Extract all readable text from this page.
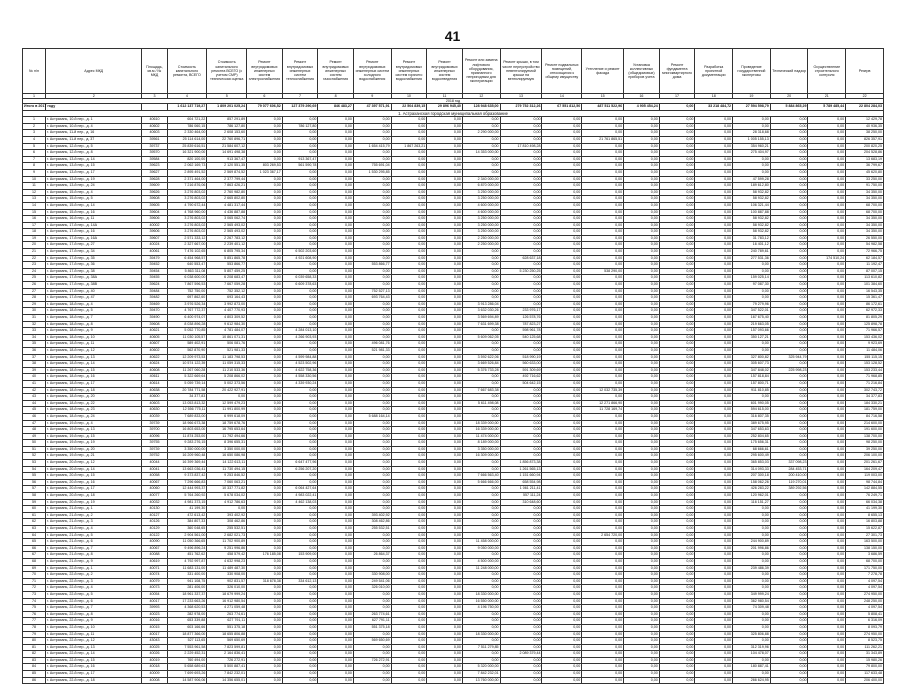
41
№ п/п	Адрес МКД	Площадь, кв.м / № МКД	Стоимость капитального ремонта, ВСЕГО	Стоимость капитального ремонта ВСЕГО (с учетом СМР) техническая оценка	Ремонт внутридомовых инженерных систем электроснабжения	Ремонт внутридомовых инженерных систем теплоснабжения	Ремонт внутридомовых инженерных систем газоснабжения	Ремонт внутридомовых инженерных систем холодного водоснабжения	Ремонт внутридомовых инженерных систем горячего водоснабжения	Ремонт внутридомовых инженерных систем водоотведения	Ремонт или замена лифтового оборудования, признанного непригодным для эксплуатации	Ремонт крыши, в том числе переустройство невентилируемой крыши на вентилируемую	Ремонт подвальных помещений, относящихся к общему имуществу	Утепление и ремонт фасада	Установка коллективных (общедомовых) приборов учета	Ремонт фундамента многоквартирного дома	Разработка проектной документации	Проведение государственной экспертизы	Технический надзор	Осуществление строительного контроля	Резерв
1	2	3	4	5	6	7	8	9	10	11	12	13	14	15	16	17	18	19	20	21	22
2018 год																					
Итого в 2017 году			1 612 137 719,27	1 809 201 025,24	79 077 606,52	127 379 290,69	846 483,27	47 397 571,91	22 504 839,15	29 896 945,40	128 948 635,00	279 752 312,26	67 551 812,50	487 511 522,96	4 905 454,24	0,00	33 218 484,72	27 594 598,79	5 884 865,29	5 789 485,44	22 804 284,03
1. Астраханская городская муниципальная образование																					
1	г. Астрахань, 10-й пер., д. 1	40610	604 721,22	857 291,89	0,00	0,00	0,00	0,00	0,00	0,00	0,00	0,00	0,00	0,00	0,00	0,00	0,00	0,00	0,00	0,00	12 429,78
2	г. Астрахань, 10-й пер., д. 4	40602	786 060,15	786 127,80	0,00	786 127,80	0,00	0,00	0,00	0,00	0,00	0,00	0,00	0,00	0,00	0,00	0,00	0,00	0,00	0,00	40 936,35
3	г. Астрахань, 11-й пер., д. 16	40603	2 330 464,00	2 608 153,60	0,00	0,00	0,00	0,00	0,00	0,00	2 290 000,00	0,00	0,00	0,00	0,00	0,00	0,00	28 318,68	0,00	0,00	38 250,00
4	г. Астрахань, 11-й пер., д. 37	39561	25 114 614,00	22 760 896,71	0,00	0,00	0,00	0,00	0,00	0,00	0,00	0,00	0,00	21 761 865,51	0,00	0,00	0,00	1 005 155,13	0,00	0,00	826 357,91
5	г. Астрахань, 12-й пер., д. 5	39737	25 839 616,51	21 584 607,12	0,00	0,00	0,00	1 654 415,79	1 867 263,21	0,00	0,00	17 810 498,28	0,00	0,00	0,00	0,00	0,00	354 960,21	0,00	0,00	200 820,25
6	г. Астрахань, 12-й пер., д. 8	39570	16 321 900,00	14 691 498,38	0,00	0,00	0,00	0,00	0,00	0,00	14 353 000,00	0,00	0,00	0,00	0,00	0,00	0,00	275 404,97	0,00	0,00	204 528,86
7	г. Астрахань, 13-й пер., д. 14	39584	820 100,00	913 367,47	0,00	913 367,47	0,00	0,00	0,00	0,00	0,00	0,00	0,00	0,00	0,00	0,00	0,00	0,00	0,00	0,00	13 683,19
8	г. Астрахань, 13-й пер., д. 15	39623	2 062 169,73	2 120 551,35	803 269,53	561 590,78	0,00	755 691,04	0,00	0,00	0,00	0,00	0,00	0,00	0,00	0,00	0,00	0,00	0,00	0,00	36 799,67
9	г. Астрахань, 13-й пер., д. 17	39627	2 895 491,52	2 569 874,52	1 023 367,17	0,00	0,00	1 530 295,85	0,00	0,00	0,00	0,00	0,00	0,00	0,00	0,00	0,00	0,00	0,00	0,00	45 620,80
10	г. Астрахань, 13-й пер., д. 19	39628	2 371 464,00	2 377 799,44	0,00	0,00	0,00	0,00	0,00	0,00	2 340 000,00	0,00	0,00	0,00	0,00	0,00	0,00	47 599,28	0,00	0,00	33 250,00
11	г. Астрахань, 13-й пер., д. 24	39609	7 216 876,06	7 863 426,21	0,00	0,00	0,00	0,00	0,00	0,00	6 870 000,00	0,00	0,00	0,00	0,00	0,00	0,00	189 612,80	0,00	0,00	91 750,00
12	г. Астрахань, 15-й пер., д. 4	39626	3 276 803,02	2 760 982,80	0,00	0,00	0,00	0,00	0,00	0,00	3 250 000,00	0,00	0,00	0,00	0,00	0,00	0,00	58 932,82	0,00	0,00	34 350,00
13	г. Астрахань, 15-й пер., д. 5	39608	3 276 803,02	2 665 802,80	0,00	0,00	0,00	0,00	0,00	0,00	3 250 000,00	0,00	0,00	0,00	0,00	0,00	0,00	58 932,82	0,00	0,00	34 350,00
14	г. Астрахань, 15-й пер., д. 14	39605	4 790 672,44	4 481 317,44	0,00	0,00	0,00	0,00	0,00	0,00	4 600 000,00	0,00	0,00	0,00	0,00	0,00	0,00	106 321,44	0,00	0,00	68 700,00
15	г. Астрахань, 15-й пер., д. 16	39604	4 768 960,00	4 436 887,88	0,00	0,00	0,00	0,00	0,00	0,00	4 600 000,00	0,00	0,00	0,00	0,00	0,00	0,00	100 887,88	0,00	0,00	68 700,00
16	г. Астрахань, 16-й пер., д. 11	39606	3 276 803,02	3 065 062,74	0,00	0,00	0,00	0,00	0,00	0,00	3 250 000,00	0,00	0,00	0,00	0,00	0,00	0,00	58 932,82	0,00	0,00	34 350,00
17	г. Астрахань, 17-й пер., д. 14А	40002	3 276 803,02	2 565 493,02	0,00	0,00	0,00	0,00	0,00	0,00	3 250 000,00	0,00	0,00	0,00	0,00	0,00	0,00	58 932,82	0,00	0,00	34 350,00
18	г. Астрахань, 17-й пер., д. 16	39606	3 276 803,02	2 565 493,02	0,00	0,00	0,00	0,00	0,00	0,00	3 250 000,00	0,00	0,00	0,00	0,00	0,00	0,00	58 932,82	0,00	0,00	34 350,00
19	г. Астрахань, 17-й пер., д. 16А	39607	2 571 333,12	2 267 783,12	0,00	0,00	0,00	0,00	0,00	0,00	2 250 000,00	0,00	0,00	0,00	0,00	0,00	0,00	31 783,12	0,00	0,00	26 550,00
20	г. Астрахань, 17-й пер., д. 27	40024	2 327 667,00	2 239 401,12	0,00	0,00	0,00	0,00	0,00	0,00	2 250 000,00	0,00	0,00	0,00	0,00	0,00	0,00	16 401,12	0,00	0,00	54 982,58
21	г. Астрахань, 17-й пер., д. 34	40061	7 476 102,65	6 805 795,34	0,00	6 502 203,60	0,00	0,00	0,00	0,00	0,00	0,00	0,00	0,00	0,00	0,00	0,00	240 789,61	0,00	0,00	72 966,75
22	г. Астрахань, 17-й пер., д. 35	39479	6 454 968,57	5 851 865,78	0,00	4 921 608,90	0,00	0,00	0,00	0,00	0,00	628 637,18	0,00	0,00	0,00	0,00	0,00	277 531,36	0,00	174 510,24	62 184,57
23	г. Астрахань, 17-й пер., д. 36	39452	640 553,47	553 866,77	0,00	0,00	0,00	553 866,77	0,00	0,00	0,00	0,00	0,00	0,00	0,00	0,00	0,00	0,00	0,00	0,00	11 192,47
24	г. Астрахань, 17-й пер., д. 38	39454	5 863 311,08	5 807 459,25	0,00	0,00	0,00	0,00	0,00	0,00	0,00	5 230 250,25	0,00	538 290,00	0,00	0,00	0,00	0,00	0,00	0,00	87 007,15
25	г. Астрахань, 17-й пер., д. 38А	39455	6 038 600,00	6 208 683,47	0,00	6 039 658,33	0,00	0,00	0,00	0,00	0,00	0,00	0,00	0,00	0,00	0,00	0,00	159 025,14	0,00	0,00	113 610,82
26	г. Астрахань, 17-й пер., д. 38В	39624	7 867 596,53	7 667 059,28	0,00	6 609 378,63	0,00	0,00	0,00	0,00	0,00	0,00	0,00	0,00	0,00	0,00	0,00	97 087,30	0,00	0,00	101 384,60
27	г. Астрахань, 17-й пер., д. 40	39484	752 750,00	752 352,12	0,00	0,00	0,00	752 527,13	0,00	0,00	0,00	0,00	0,00	0,00	0,00	0,00	0,00	0,00	0,00	0,00	16 543,35
28	г. Астрахань, 17-й пер., д. 47	39482	697 862,60	693 164,43	0,00	0,00	0,00	693 764,43	0,00	0,00	0,00	0,00	0,00	0,00	0,00	0,00	0,00	0,00	0,00	0,00	15 361,47
29	г. Астрахань, 18-й пер., д. 4	39469	3 976 526,34	3 992 873,00	0,00	0,00	0,00	0,00	0,00	0,00	3 913 286,04	0,00	0,00	0,00	0,00	0,00	0,00	79 279,96	0,00	0,00	86 172,61
30	г. Астрахань, 18-й пер., д. 5	39470	4 767 772,37	4 407 770,93	0,00	0,00	0,00	0,00	0,00	0,00	3 632 030,26	233 976,17	0,00	0,00	0,00	0,00	0,00	347 522,01	0,00	0,00	62 972,33
31	г. Астрахань, 18-й пер., д. 7	39490	6 400 974,07	4 803 309,52	0,00	0,00	0,00	0,00	0,00	0,00	3 569 694,89	126 578,76	0,00	0,00	0,00	0,00	0,00	167 675,40	0,00	0,00	81 805,29
32	г. Астрахань, 18-й пер., д. 8	39608	8 038 896,28	9 612 984,30	0,00	0,00	0,00	0,00	0,00	0,00	7 631 699,38	787 823,27	0,00	0,00	0,00	0,00	0,00	219 663,05	0,00	0,00	125 898,78
33	г. Астрахань, 18-й пер., д. 9	40621	5 052 770,85	4 781 484,07	0,00	4 284 013,10	0,00	0,00	0,00	0,00	0,00	598 961,78	0,00	0,00	0,00	0,00	0,00	157 093,66	0,00	0,00	71 966,57
34	г. Астрахань, 18-й пер., д. 10	40605	11 030 105,57	10 861 071,31	0,00	4 266 903,93	0,00	0,00	0,00	0,00	5 609 062,05	540 125,68	0,00	0,00	0,00	0,00	0,00	350 127,21	0,00	0,00	153 436,02
35	г. Астрахань, 18-й пер., д. 11	40607	589 402,91	506 081,76	0,00	0,00	0,00	496 081,76	0,00	0,00	0,00	0,00	0,00	0,00	0,00	0,00	0,00	0,00	0,00	0,00	9 923,69
36	г. Астрахань, 18-й пер., д. 12	40602	562 870,90	521 981,33	0,00	0,00	0,00	521 981,33	0,00	0,00	0,00	0,00	0,00	0,00	0,00	0,00	0,00	0,00	0,00	0,00	11 484,06
37	г. Астрахань, 18-й пер., д. 13	40622	12 209 973,53	11 183 798,53	0,00	4 599 984,88	0,00	0,00	0,00	0,00	3 592 622,06	518 990,19	0,00	0,00	0,00	0,00	0,00	327 800,82	325 944,79	0,00	155 115,15
38	г. Астрахань, 18-й пер., д. 14	40624	10 574 122,39	11 059 315,33	0,00	4 523 502,96	0,00	0,00	0,00	0,00	3 669 526,84	560 633,00	0,00	0,00	0,00	0,00	0,00	305 607,73	0,00	0,00	153 128,52
39	г. Астрахань, 18-й пер., д. 15	40608	11 267 060,28	11 210 533,36	0,00	4 622 758,36	0,00	0,00	0,00	0,00	5 376 733,28	591 309,69	0,00	0,00	0,00	0,00	0,00	347 848,02	225 998,23	0,00	153 233,44
40	г. Астрахань, 18-й пер., д. 16	40611	5 322 669,64	5 208 866,02	0,00	4 558 330,56	0,00	0,00	0,00	0,00	0,00	492 716,62	0,00	0,00	0,00	0,00	0,00	157 818,84	0,00	0,00	71 968,85
41	г. Астрахань, 18-й пер., д. 17	40614	5 059 739,14	5 002 373,56	0,00	4 339 930,24	0,00	0,00	0,00	0,00	0,00	504 642,15	0,00	0,00	0,00	0,00	0,00	157 800,71	0,00	0,00	71 216,84
42	г. Астрахань, 18-й пер., д. 18	40638	20 784 771,58	20 422 927,91	0,00	0,00	0,00	0,00	0,00	0,00	7 667 683,38	0,00	0,00	12 032 735,39	0,00	0,00	0,00	911 810,85	0,00	0,00	302 743,72
43	г. Астрахань, 18-й пер., д. 20	40600	34 377,83	0,00	0,00	0,00	0,00	0,00	0,00	0,00	0,00	0,00	0,00	0,00	0,00	0,00	0,00	0,00	0,00	0,00	34 377,83
44	г. Астрахань, 18-й пер., д. 22	40603	13 053 813,32	12 599 479,23	0,00	0,00	0,00	0,00	0,00	0,00	5 611 498,08	0,00	0,00	12 271 866,90	0,00	0,00	0,00	601 990,05	0,00	0,00	184 330,21
45	г. Астрахань, 18-й пер., д. 23	40630	12 556 775,11	11 991 800,99	0,00	0,00	0,00	0,00	0,00	0,00	0,00	0,00	0,00	11 728 169,74	0,00	0,00	0,00	594 615,00	0,00	0,00	181 759,00
46	г. Астрахань, 18-й пер., д. 24	40039	7 689 833,00	6 999 618,09	0,00	0,00	0,00	5 688 164,14	0,00	0,00	0,00	0,00	0,00	0,00	0,00	0,00	0,00	316 807,35	0,00	0,00	84 716,58
47	г. Астрахань, 19-й пер., д. 4	39739	18 966 673,38	18 759 678,76	0,00	0,00	0,00	0,00	0,00	0,00	18 339 000,00	0,00	0,00	0,00	0,00	0,00	0,00	389 675,95	0,00	0,00	214 600,00
48	г. Астрахань, 19-й пер., д. 13	39700	16 803 653,00	16 795 653,64	0,00	0,00	0,00	0,00	0,00	0,00	16 339 000,00	0,00	0,00	0,00	0,00	0,00	0,00	347 653,63	0,00	0,00	191 600,00
49	г. Астрахань, 19-й пер., д. 15	40096	11 874 253,00	11 792 494,66	0,00	0,00	0,00	0,00	0,00	0,00	11 474 000,00	0,00	0,00	0,00	0,00	0,00	0,00	252 804,65	0,00	0,00	138 700,00
50	г. Астрахань, 19-й пер., д. 19	39755	9 283 276,15	8 396 655,31	0,00	0,00	0,00	0,00	0,00	0,00	8 189 000,00	0,00	0,00	0,00	0,00	0,00	0,00	175 656,31	0,00	0,00	98 250,00
51	г. Астрахань, 19-й пер., д. 20	39739	3 350 000,00	3 350 000,00	0,00	0,00	0,00	0,00	0,00	0,00	3 350 000,00	0,00	0,00	0,00	0,00	0,00	0,00	68 666,61	0,00	0,00	39 250,00
52	г. Астрахань, 19-й пер., д. 21	39752	16 209 960,48	16 650 086,98	0,00	0,00	0,00	0,00	0,00	0,00	16 309 000,00	0,00	0,00	0,00	0,00	0,00	0,00	295 600,49	0,00	0,00	206 100,00
53	г. Астрахань, 20-й пер., д. 12	40044	16 399 369,44	14 122 613,11	0,00	6 647 477,96	0,00	0,00	0,00	0,00	0,00	1 856 873,38	0,00	0,00	0,00	0,00	0,00	365 853,03	337 098,23	0,00	201 261,67
54	г. Астрахань, 20-й пер., д. 14	40041	13 663 036,41	11 730 494,15	0,00	6 256 207,20	0,00	0,00	0,00	0,00	0,00	1 261 565,13	0,00	0,00	0,00	0,00	0,00	314 093,33	284 453,71	0,00	164 209,47
55	г. Астрахань, 20-й пер., д. 15	40058	9 373 837,42	9 253 846,52	0,00	0,00	0,00	0,00	0,00	0,00	7 666 563,40	1 151 660,94	0,00	0,00	0,00	0,00	0,00	207 300,18	200 410,00	0,00	119 003,00
56	г. Астрахань, 20-й пер., д. 16	40067	7 296 666,83	7 060 063,21	0,00	0,00	0,00	0,00	0,00	0,00	5 666 666,00	658 554,98	0,00	0,00	0,00	0,00	0,00	158 062,26	119 270,01	0,00	98 744,84
57	г. Астрахань, 20-й пер., д. 17	40060	12 444 993,37	10 337 771,82	0,00	6 064 427,64	0,00	0,00	0,00	0,00	0,00	1 061 211,41	0,00	0,00	0,00	0,00	0,00	426 283,22	389 292,56	0,00	142 884,55
58	г. Астрахань, 20-й пер., д. 18	40077	5 764 260,92	5 678 034,02	0,00	4 983 022,41	0,00	0,00	0,00	0,00	0,00	557 111,24	0,00	0,00	0,00	0,00	0,00	120 962,01	0,00	0,00	76 249,71
59	г. Астрахань, 20-й пер., д. 19	40032	4 981 373,15	4 912 786,63	0,00	4 462 138,03	0,00	0,00	0,00	0,00	0,00	310 648,60	0,00	0,00	0,00	0,00	0,00	116 151,27	0,00	0,00	66 034,38
60	г. Астрахань, 21-й пер., д. 1	40130	41 199,30	0,00	0,00	0,00	0,00	0,00	0,00	0,00	0,00	0,00	0,00	0,00	0,00	0,00	0,00	0,00	0,00	0,00	41 199,30
61	г. Астрахань, 21-й пер., д. 2	40127	472 613,42	393 402,92	0,00	0,00	0,00	393 402,92	0,00	0,00	0,00	0,00	0,00	0,00	0,00	0,00	0,00	0,00	0,00	0,00	8 655,13
62	г. Астрахань, 21-й пер., д. 3	40126	384 807,33	308 462,86	0,00	0,00	0,00	308 462,86	0,00	0,00	0,00	0,00	0,00	0,00	0,00	0,00	0,00	0,00	0,00	0,00	16 803,88
63	г. Астрахань, 21-й пер., д. 4	40129	360 048,65	255 532,51	0,00	0,00	0,00	255 532,51	0,00	0,00	0,00	0,00	0,00	0,00	0,00	0,00	0,00	0,00	0,00	0,00	15 622,87
64	г. Астрахань, 21-й пер., д. 5	40122	2 904 561,00	2 682 021,73	0,00	0,00	0,00	0,00	0,00	0,00	0,00	0,00	0,00	2 654 720,00	0,00	0,00	0,00	0,00	0,00	0,00	27 301,73
65	г. Астрахань, 21-й пер., д. 6	40090	11 050 366,65	11 702 900,89	0,00	0,00	0,00	0,00	0,00	0,00	11 458 000,00	0,00	0,00	0,00	0,00	0,00	0,00	244 900,89	0,00	0,00	163 500,00
66	г. Астрахань, 21-й пер., д. 7	40067	9 496 896,24	9 251 996,86	0,00	0,00	0,00	0,00	0,00	0,00	9 050 000,00	0,00	0,00	0,00	0,00	0,00	0,00	201 996,86	0,00	0,00	138 150,00
67	г. Астрахань, 21-й пер., д. 8	40088	451 762,62	458 579,42	176 185,08	153 909,00	0,00	26 864,37	0,00	0,00	0,00	0,00	0,00	0,00	0,00	0,00	0,00	0,00	0,00	0,00	3 686,59
68	г. Астрахань, 21-й пер., д. 9	40619	4 792 997,87	4 632 998,23	0,00	0,00	0,00	0,00	0,00	0,00	4 500 000,00	0,00	0,00	0,00	0,00	0,00	0,00	0,00	0,00	0,00	68 700,00
69	г. Астрахань, 22-й пер., д. 1	40071	11 683 131,00	11 489 487,30	0,00	0,00	0,00	0,00	0,00	0,00	11 248 000,00	0,00	0,00	0,00	0,00	0,00	0,00	239 486,39	0,00	0,00	171 750,00
70	г. Астрахань, 22-й пер., д. 2	40074	331 400,00	330 908,00	0,00	0,00	0,00	330 908,00	0,00	0,00	0,00	0,00	0,00	0,00	0,00	0,00	0,00	0,00	0,00	0,00	7 278,78
71	г. Астрахань, 22-й пер., д. 3	40079	941 108,75	902 831,57	318 678,38	334 612,13	0,00	249 541,06	0,00	0,00	0,00	0,00	0,00	0,00	0,00	0,00	0,00	0,00	0,00	0,00	4 097,54
72	г. Астрахань, 22-й пер., д. 4	40073	281 406,00	326 010,00	0,00	0,00	0,00	326 010,00	0,00	0,00	0,00	0,00	0,00	0,00	0,00	0,00	0,00	0,00	0,00	0,00	4 097,54
73	г. Астрахань, 22-й пер., д. 5	40054	18 961 337,37	18 679 999,24	0,00	0,00	0,00	0,00	0,00	0,00	18 330 000,00	0,00	0,00	0,00	0,00	0,00	0,00	349 999,24	0,00	0,00	274 950,00
74	г. Астрахань, 22-й пер., д. 6	40017	17 233 663,26	16 912 980,54	0,00	0,00	0,00	0,00	0,00	0,00	16 550 000,00	0,00	0,00	0,00	0,00	0,00	0,00	362 980,54	0,00	0,00	248 250,00
75	г. Астрахань, 22-й пер., д. 7	39993	4 368 620,53	4 271 059,48	0,00	0,00	0,00	0,00	0,00	0,00	4 196 750,00	0,00	0,00	0,00	0,00	0,00	0,00	74 309,48	0,00	0,00	4 097,54
76	г. Астрахань, 22-й пер., д. 8	40023	282 978,00	263 774,61	0,00	0,00	0,00	263 774,61	0,00	0,00	0,00	0,00	0,00	0,00	0,00	0,00	0,00	0,00	0,00	0,00	5 808,41
77	г. Астрахань, 22-й пер., д. 9	40016	653 339,88	627 791,11	0,00	0,00	0,00	627 791,11	0,00	0,00	0,00	0,00	0,00	0,00	0,00	0,00	0,00	0,00	0,00	0,00	6 316,09
78	г. Астрахань, 22-й пер., д. 10	40015	603 166,66	551 375,18	0,00	0,00	0,00	551 375,18	0,00	0,00	0,00	0,00	0,00	0,00	0,00	0,00	0,00	0,00	0,00	0,00	8 093,79
79	г. Астрахань, 22-й пер., д. 11	40017	18 877 366,00	18 655 806,88	0,00	0,00	0,00	0,00	0,00	0,00	18 330 000,00	0,00	0,00	0,00	0,00	0,00	0,00	325 806,88	0,00	0,00	274 950,00
80	г. Астрахань, 22-й пер., д. 12	43043	527 113,65	569 650,69	0,00	0,00	0,00	569 650,69	0,00	0,00	0,00	0,00	0,00	0,00	0,00	0,00	0,00	0,00	0,00	0,00	8 523,75
81	г. Астрахань, 22-й пер., д. 13	40025	7 553 961,58	7 823 599,81	0,00	0,00	0,00	0,00	0,00	0,00	7 511 279,85	0,00	0,00	0,00	0,00	0,00	0,00	312 319,96	0,00	0,00	111 262,21
82	г. Астрахань, 22-й пер., д. 14	40026	2 229 452,31	2 164 836,41	0,00	0,00	0,00	0,00	0,00	0,00	0,00	2 089 379,44	0,00	0,00	0,00	0,00	0,00	104 478,07	0,00	0,00	31 343,89
83	г. Астрахань, 22-й пер., д. 15	40019	760 494,00	726 272,91	0,00	0,00	0,00	726 272,91	0,00	0,00	0,00	0,00	0,00	0,00	0,00	0,00	0,00	0,00	0,00	0,00	15 980,26
84	г. Астрахань, 22-й пер., д. 16	40018	5 658 689,63	5 500 887,41	0,00	0,00	0,00	0,00	0,00	0,00	5 320 000,00	0,00	0,00	0,00	0,00	0,00	0,00	180 887,41	0,00	0,00	79 800,00
85	г. Астрахань, 22-й пер., д. 17	40009	7 699 693,26	7 842 232,01	0,00	0,00	0,00	0,00	0,00	0,00	7 842 232,01	0,00	0,00	0,00	0,00	0,00	0,00	0,00	0,00	0,00	117 633,48
86	г. Астрахань, 22-й пер., д. 18	40008	14 587 906,06	14 356 655,01	0,00	0,00	0,00	0,00	0,00	0,00	13 760 000,00	0,00	0,00	0,00	0,00	0,00	0,00	266 624,95	0,00	0,00	206 400,00
